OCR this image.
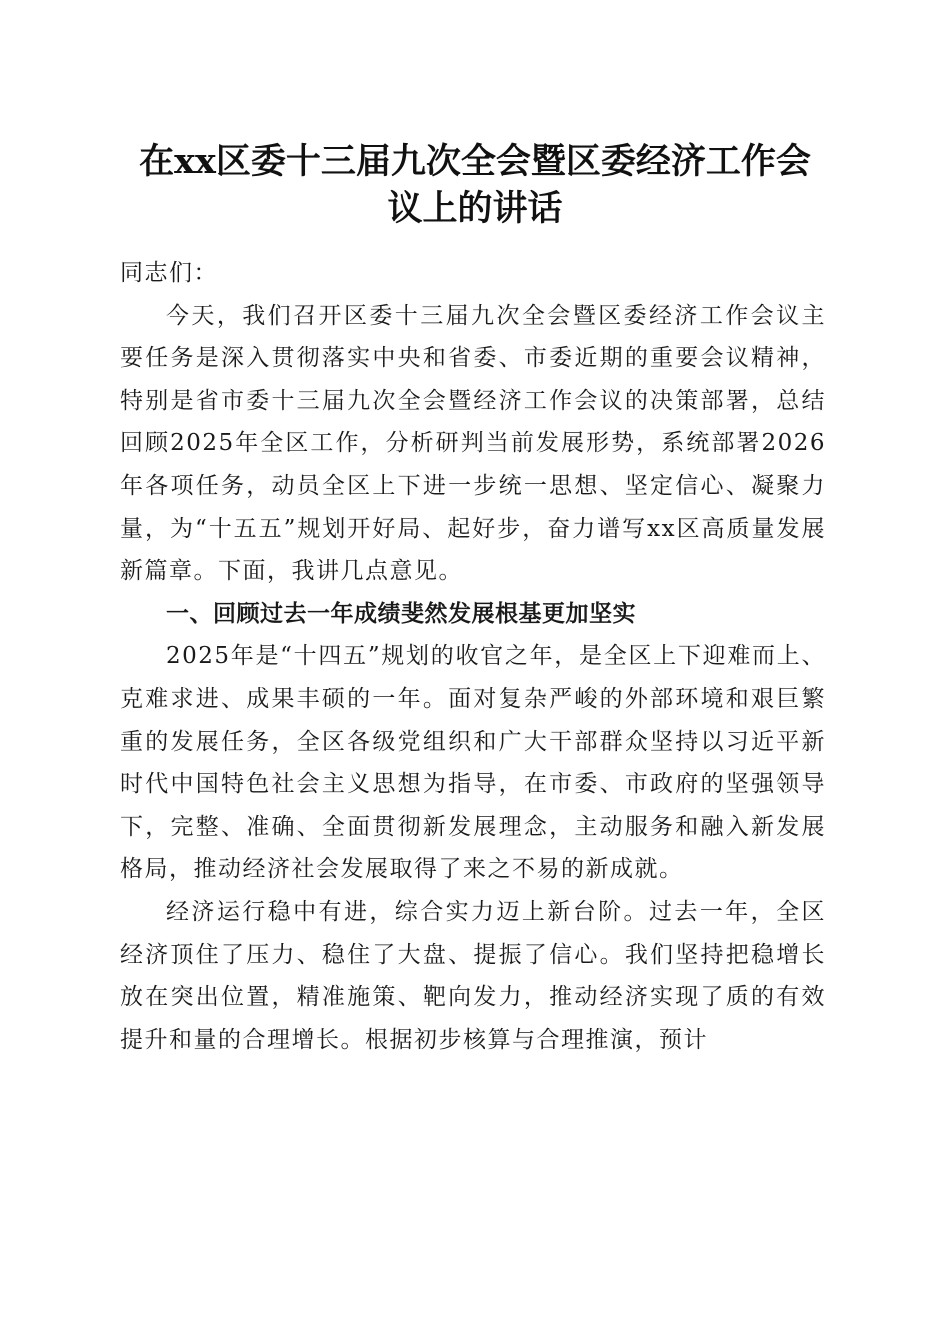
在xx区委十三届九次全会暨区委经济工作会
议上的讲话

同志们：

今天，我们召开区委十三届九次全会暨区委经济工作会议主要任务是深入贯彻落实中央和省委、市委近期的重要会议精神，特别是省市委十三届九次全会暨经济工作会议的决策部署，总结回顾2025年全区工作，分析研判当前发展形势，系统部署2026年各项任务，动员全区上下进一步统一思想、坚定信心、凝聚力量，为“十五五”规划开好局、起好步，奋力谱写xx区高质量发展新篇章。下面，我讲几点意见。

一、回顾过去一年成绩斐然发展根基更加坚实

2025年是“十四五”规划的收官之年，是全区上下迎难而上、克难求进、成果丰硕的一年。面对复杂严峻的外部环境和艰巨繁重的发展任务，全区各级党组织和广大干部群众坚持以习近平新时代中国特色社会主义思想为指导，在市委、市政府的坚强领导下，完整、准确、全面贯彻新发展理念，主动服务和融入新发展格局，推动经济社会发展取得了来之不易的新成就。

经济运行稳中有进，综合实力迈上新台阶。过去一年，全区经济顶住了压力、稳住了大盘、提振了信心。我们坚持把稳增长放在突出位置，精准施策、靶向发力，推动经济实现了质的有效提升和量的合理增长。根据初步核算与合理推演，预计
